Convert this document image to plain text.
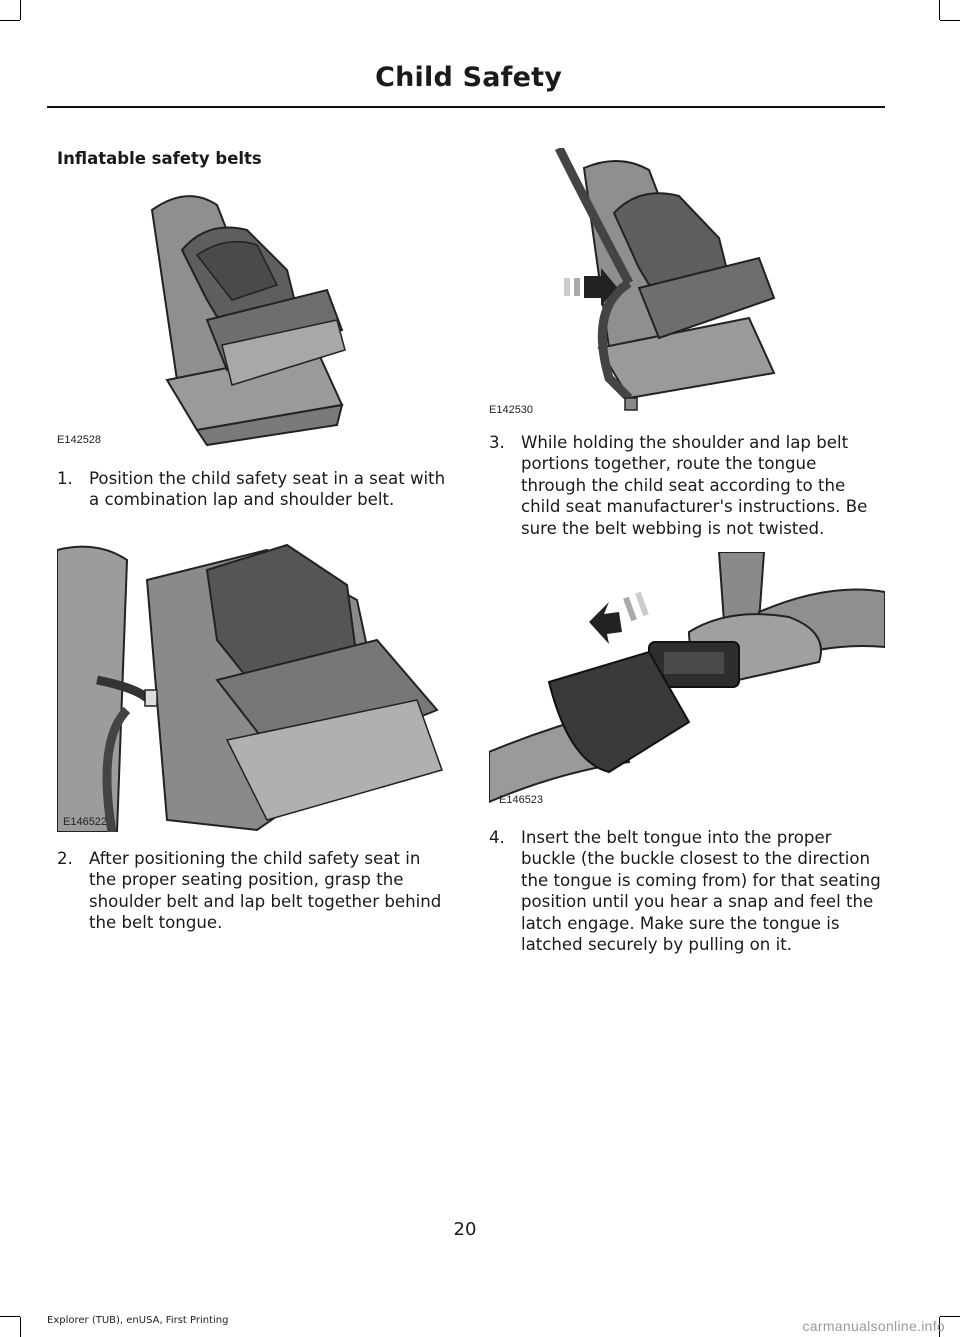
Child Safety
Inflatable safety belts
E142528
1. Position the child safety seat in a seat with a combination lap and shoulder belt.
E146522
2. After positioning the child safety seat in the proper seating position, grasp the shoulder belt and lap belt together behind the belt tongue.
E142530
3. While holding the shoulder and lap belt portions together, route the tongue through the child seat according to the child seat manufacturer's instructions. Be sure the belt webbing is not twisted.
E146523
4. Insert the belt tongue into the proper buckle (the buckle closest to the direction the tongue is coming from) for that seating position until you hear a snap and feel the latch engage. Make sure the tongue is latched securely by pulling on it.
20
Explorer (TUB), enUSA, First Printing	carmanualsonline.info
